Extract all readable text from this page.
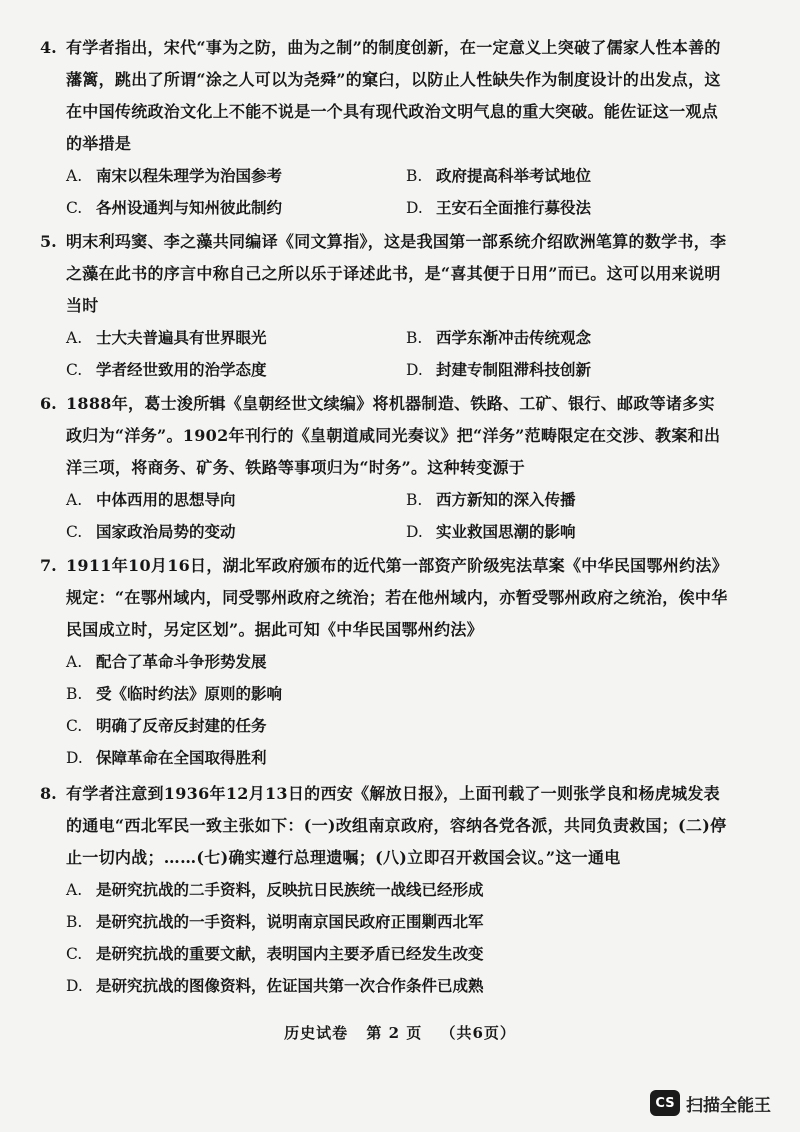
4. 有学者指出，宋代“事为之防，曲为之制”的制度创新，在一定意义上突破了儒家人性本善的藩篱，跳出了所谓“涂之人可以为尧舜”的窠臼，以防止人性缺失作为制度设计的出发点，这在中国传统政治文化上不能不说是一个具有现代政治文明气息的重大突破。能佐证这一观点的举措是
A. 南宋以程朱理学为治国参考	B. 政府提高科举考试地位
C. 各州设通判与知州彼此制约	D. 王安石全面推行募役法
5. 明末利玛窦、李之藻共同编译《同文算指》，这是我国第一部系统介绍欧洲笔算的数学书，李之藻在此书的序言中称自己之所以乐于译述此书，是“喜其便于日用”而已。这可以用来说明当时
A. 士大夫普遍具有世界眼光	B. 西学东渐冲击传统观念
C. 学者经世致用的治学态度	D. 封建专制阻滞科技创新
6. 1888年，葛士浚所辑《皇朝经世文续编》将机器制造、铁路、工矿、银行、邮政等诸多实政归为“洋务”。1902年刊行的《皇朝道咸同光奏议》把“洋务”范畴限定在交涉、教案和出洋三项，将商务、矿务、铁路等事项归为“时务”。这种转变源于
A. 中体西用的思想导向	B. 西方新知的深入传播
C. 国家政治局势的变动	D. 实业救国思潮的影响
7. 1911年10月16日，湖北军政府颁布的近代第一部资产阶级宪法草案《中华民国鄂州约法》规定：“在鄂州域内，同受鄂州政府之统治；若在他州域内，亦暂受鄂州政府之统治，俟中华民国成立时，另定区划”。据此可知《中华民国鄂州约法》
A. 配合了革命斗争形势发展
B. 受《临时约法》原则的影响
C. 明确了反帝反封建的任务
D. 保障革命在全国取得胜利
8. 有学者注意到1936年12月13日的西安《解放日报》，上面刊载了一则张学良和杨虎城发表的通电“西北军民一致主张如下：(一)改组南京政府，容纳各党各派，共同负责救国；(二)停止一切内战；……(七)确实遵行总理遗嘱；(八)立即召开救国会议。”这一通电
A. 是研究抗战的二手资料，反映抗日民族统一战线已经形成
B. 是研究抗战的一手资料，说明南京国民政府正围剿西北军
C. 是研究抗战的重要文献，表明国内主要矛盾已经发生改变
D. 是研究抗战的图像资料，佐证国共第一次合作条件已成熟
历史试卷 第 2 页 （共6页）
CS 扫描全能王
